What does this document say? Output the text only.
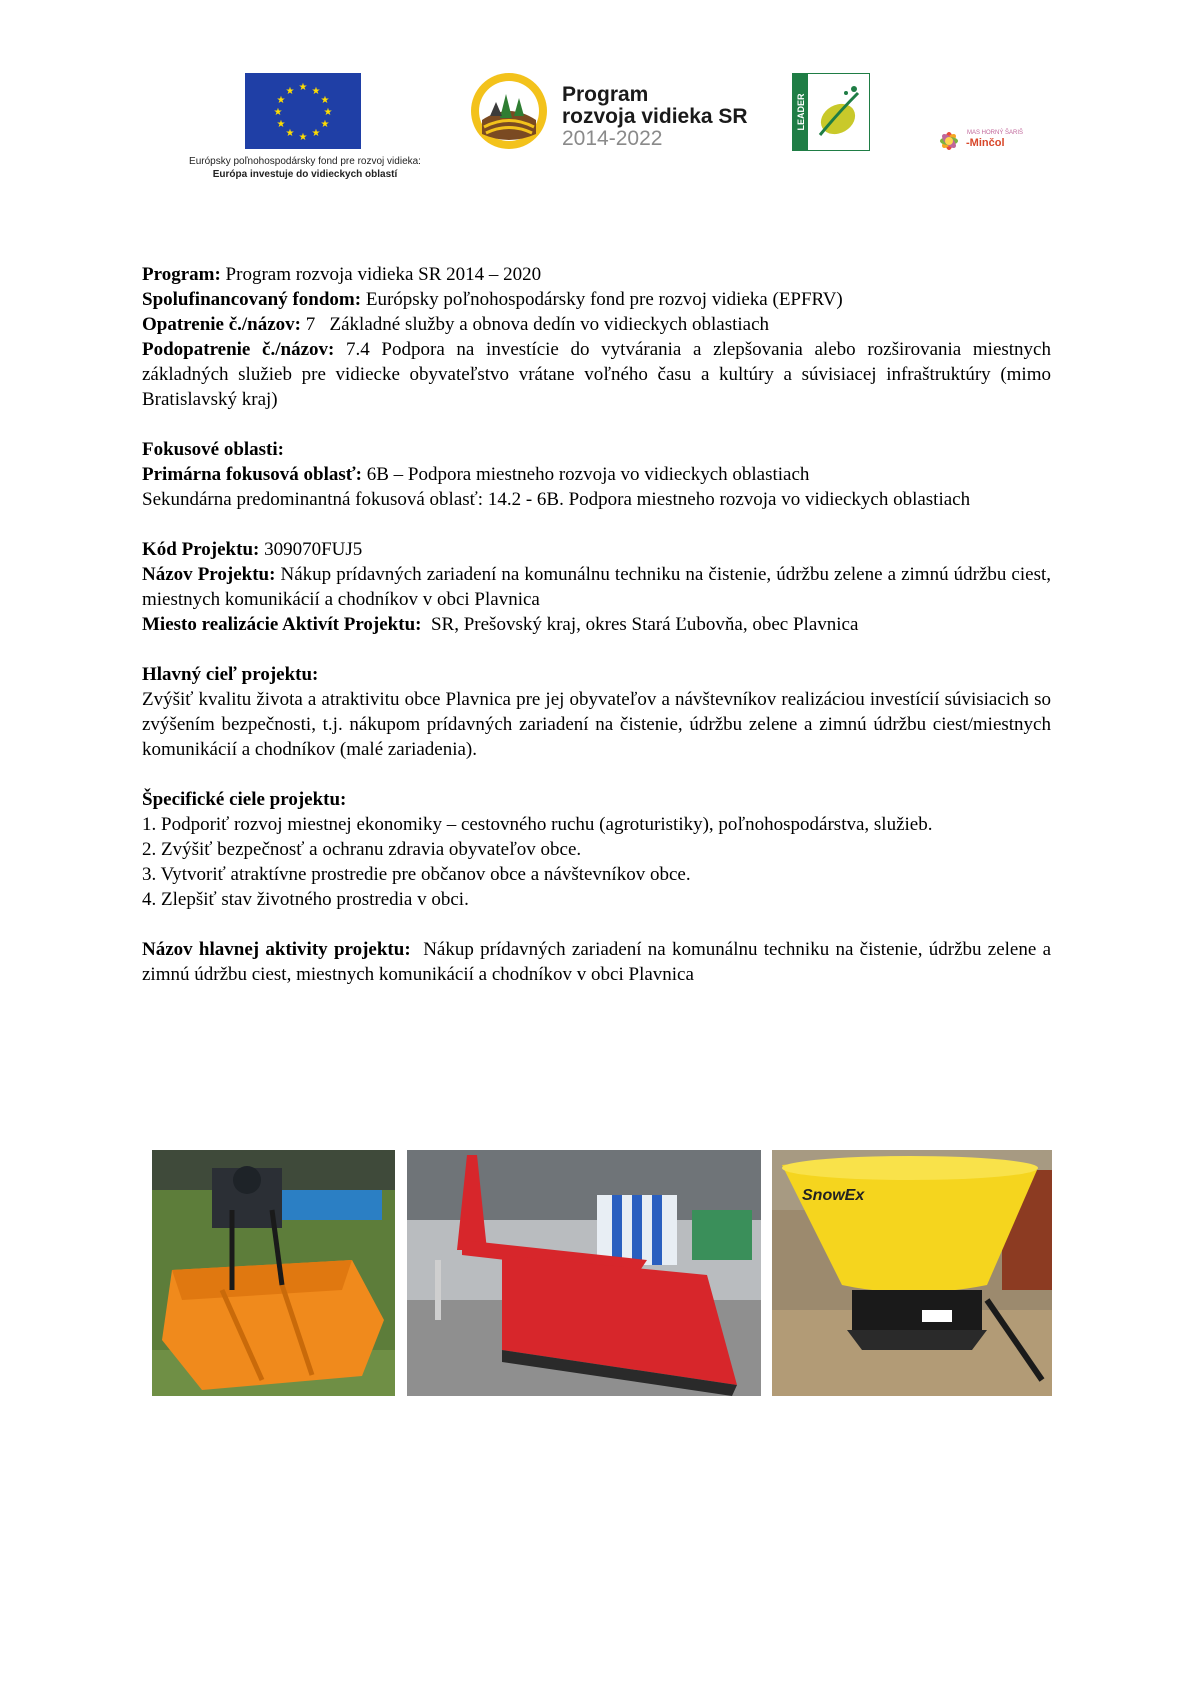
★ ★
★
★
★
★
★
★
★
★
★
★
Európsky poľnohospodársky fond pre rozvoj vidieka:
Európa investuje do vidieckych oblastí
Program
rozvoja vidieka SR
2014-2022
LEADER
MAS HORNÝ ŠARIŠ
-Minčol

Program: Program rozvoja vidieka SR 2014 – 2020

Spolufinancovaný fondom: Európsky poľnohospodársky fond pre rozvoj vidieka (EPFRV)

Opatrenie č./názov: 7   Základné služby a obnova dedín vo vidieckych oblastiach

Podopatrenie č./názov: 7.4 Podpora na investície do vytvárania a zlepšovania alebo rozširovania miestnych základných služieb pre vidiecke obyvateľstvo vrátane voľného času a kultúry a súvisiacej infraštruktúry (mimo Bratislavský kraj)

Fokusové oblasti:

Primárna fokusová oblasť: 6B – Podpora miestneho rozvoja vo vidieckych oblastiach

Sekundárna predominantná fokusová oblasť: 14.2 - 6B. Podpora miestneho rozvoja vo vidieckych oblastiach

Kód Projektu: 309070FUJ5

Názov Projektu: Nákup prídavných zariadení na komunálnu techniku na čistenie, údržbu zelene a zimnú údržbu ciest, miestnych komunikácií a chodníkov v obci Plavnica

Miesto realizácie Aktivít Projektu:  SR, Prešovský kraj, okres Stará Ľubovňa, obec Plavnica

Hlavný cieľ projektu:

Zvýšiť kvalitu života a atraktivitu obce Plavnica pre jej obyvateľov a návštevníkov realizáciou investícií súvisiacich so zvýšením bezpečnosti, t.j. nákupom prídavných zariadení na čistenie, údržbu zelene a zimnú údržbu ciest/miestnych komunikácií a chodníkov (malé zariadenia).

Špecifické ciele projektu:

1. Podporiť rozvoj miestnej ekonomiky – cestovného ruchu (agroturistiky), poľnohospodárstva, služieb.

2. Zvýšiť bezpečnosť a ochranu zdravia obyvateľov obce.

3. Vytvoriť atraktívne prostredie pre občanov obce a návštevníkov obce.

4. Zlepšiť stav životného prostredia v obci.

Názov hlavnej aktivity projektu:  Nákup prídavných zariadení na komunálnu techniku na čistenie, údržbu zelene a zimnú údržbu ciest, miestnych komunikácií a chodníkov v obci Plavnica

SnowEx
